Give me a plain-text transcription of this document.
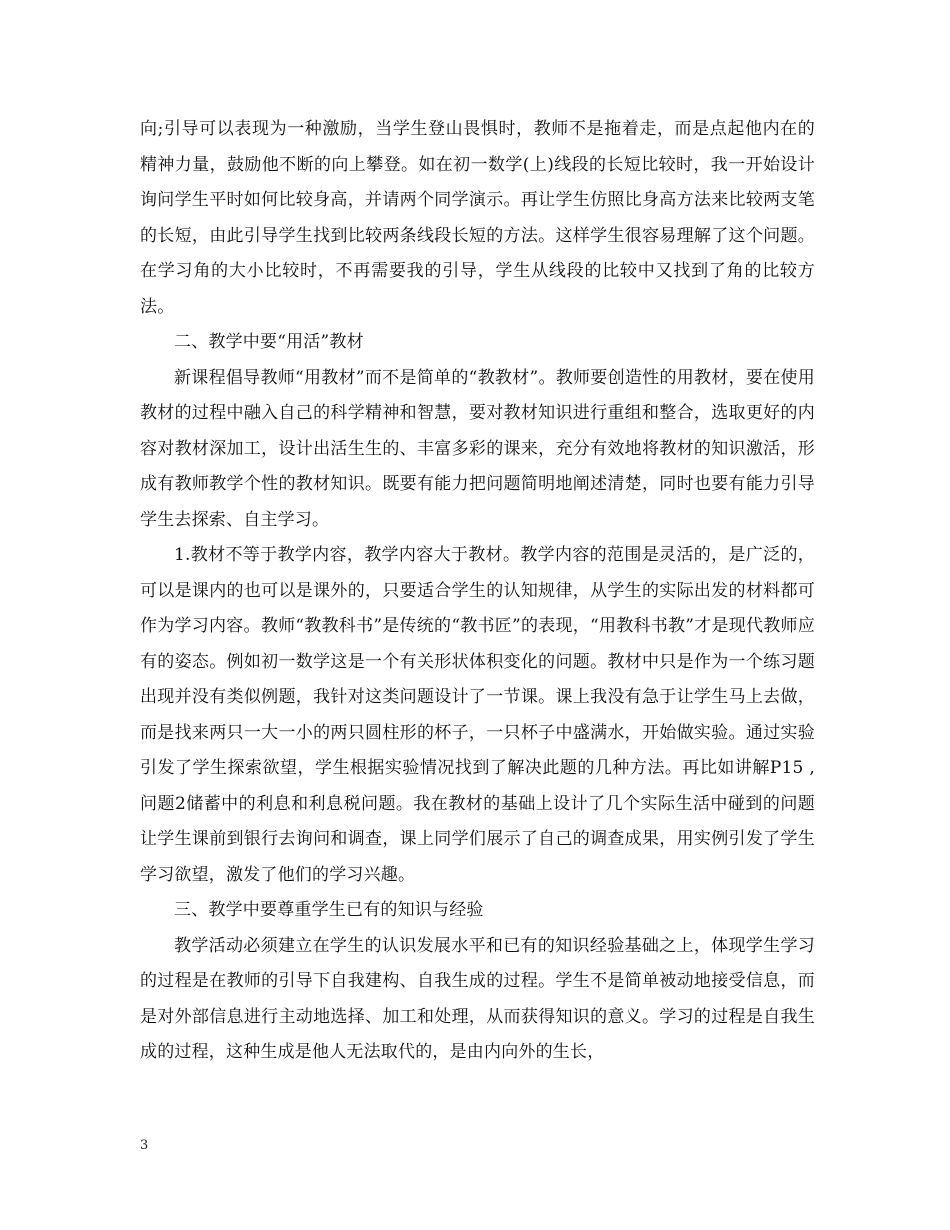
向;引导可以表现为一种激励，当学生登山畏惧时，教师不是拖着走，而是点起他内在的精神力量，鼓励他不断的向上攀登。如在初一数学(上)线段的长短比较时，我一开始设计询问学生平时如何比较身高，并请两个同学演示。再让学生仿照比身高方法来比较两支笔的长短，由此引导学生找到比较两条线段长短的方法。这样学生很容易理解了这个问题。在学习角的大小比较时，不再需要我的引导，学生从线段的比较中又找到了角的比较方法。

二、教学中要“用活”教材

新课程倡导教师“用教材”而不是简单的“教教材”。教师要创造性的用教材，要在使用教材的过程中融入自己的科学精神和智慧，要对教材知识进行重组和整合，选取更好的内容对教材深加工，设计出活生生的、丰富多彩的课来，充分有效地将教材的知识激活，形成有教师教学个性的教材知识。既要有能力把问题简明地阐述清楚，同时也要有能力引导学生去探索、自主学习。

1.教材不等于教学内容，教学内容大于教材。教学内容的范围是灵活的，是广泛的，可以是课内的也可以是课外的，只要适合学生的认知规律，从学生的实际出发的材料都可作为学习内容。教师“教教科书”是传统的“教书匠”的表现，“用教科书教”才是现代教师应有的姿态。例如初一数学这是一个有关形状体积变化的问题。教材中只是作为一个练习题出现并没有类似例题，我针对这类问题设计了一节课。课上我没有急于让学生马上去做，而是找来两只一大一小的两只圆柱形的杯子，一只杯子中盛满水，开始做实验。通过实验引发了学生探索欲望，学生根据实验情况找到了解决此题的几种方法。再比如讲解P15 ,问题2储蓄中的利息和利息税问题。我在教材的基础上设计了几个实际生活中碰到的问题让学生课前到银行去询问和调查，课上同学们展示了自己的调查成果，用实例引发了学生学习欲望，激发了他们的学习兴趣。

三、教学中要尊重学生已有的知识与经验

教学活动必须建立在学生的认识发展水平和已有的知识经验基础之上，体现学生学习的过程是在教师的引导下自我建构、自我生成的过程。学生不是简单被动地接受信息，而是对外部信息进行主动地选择、加工和处理，从而获得知识的意义。学习的过程是自我生成的过程，这种生成是他人无法取代的，是由内向外的生长，

3
